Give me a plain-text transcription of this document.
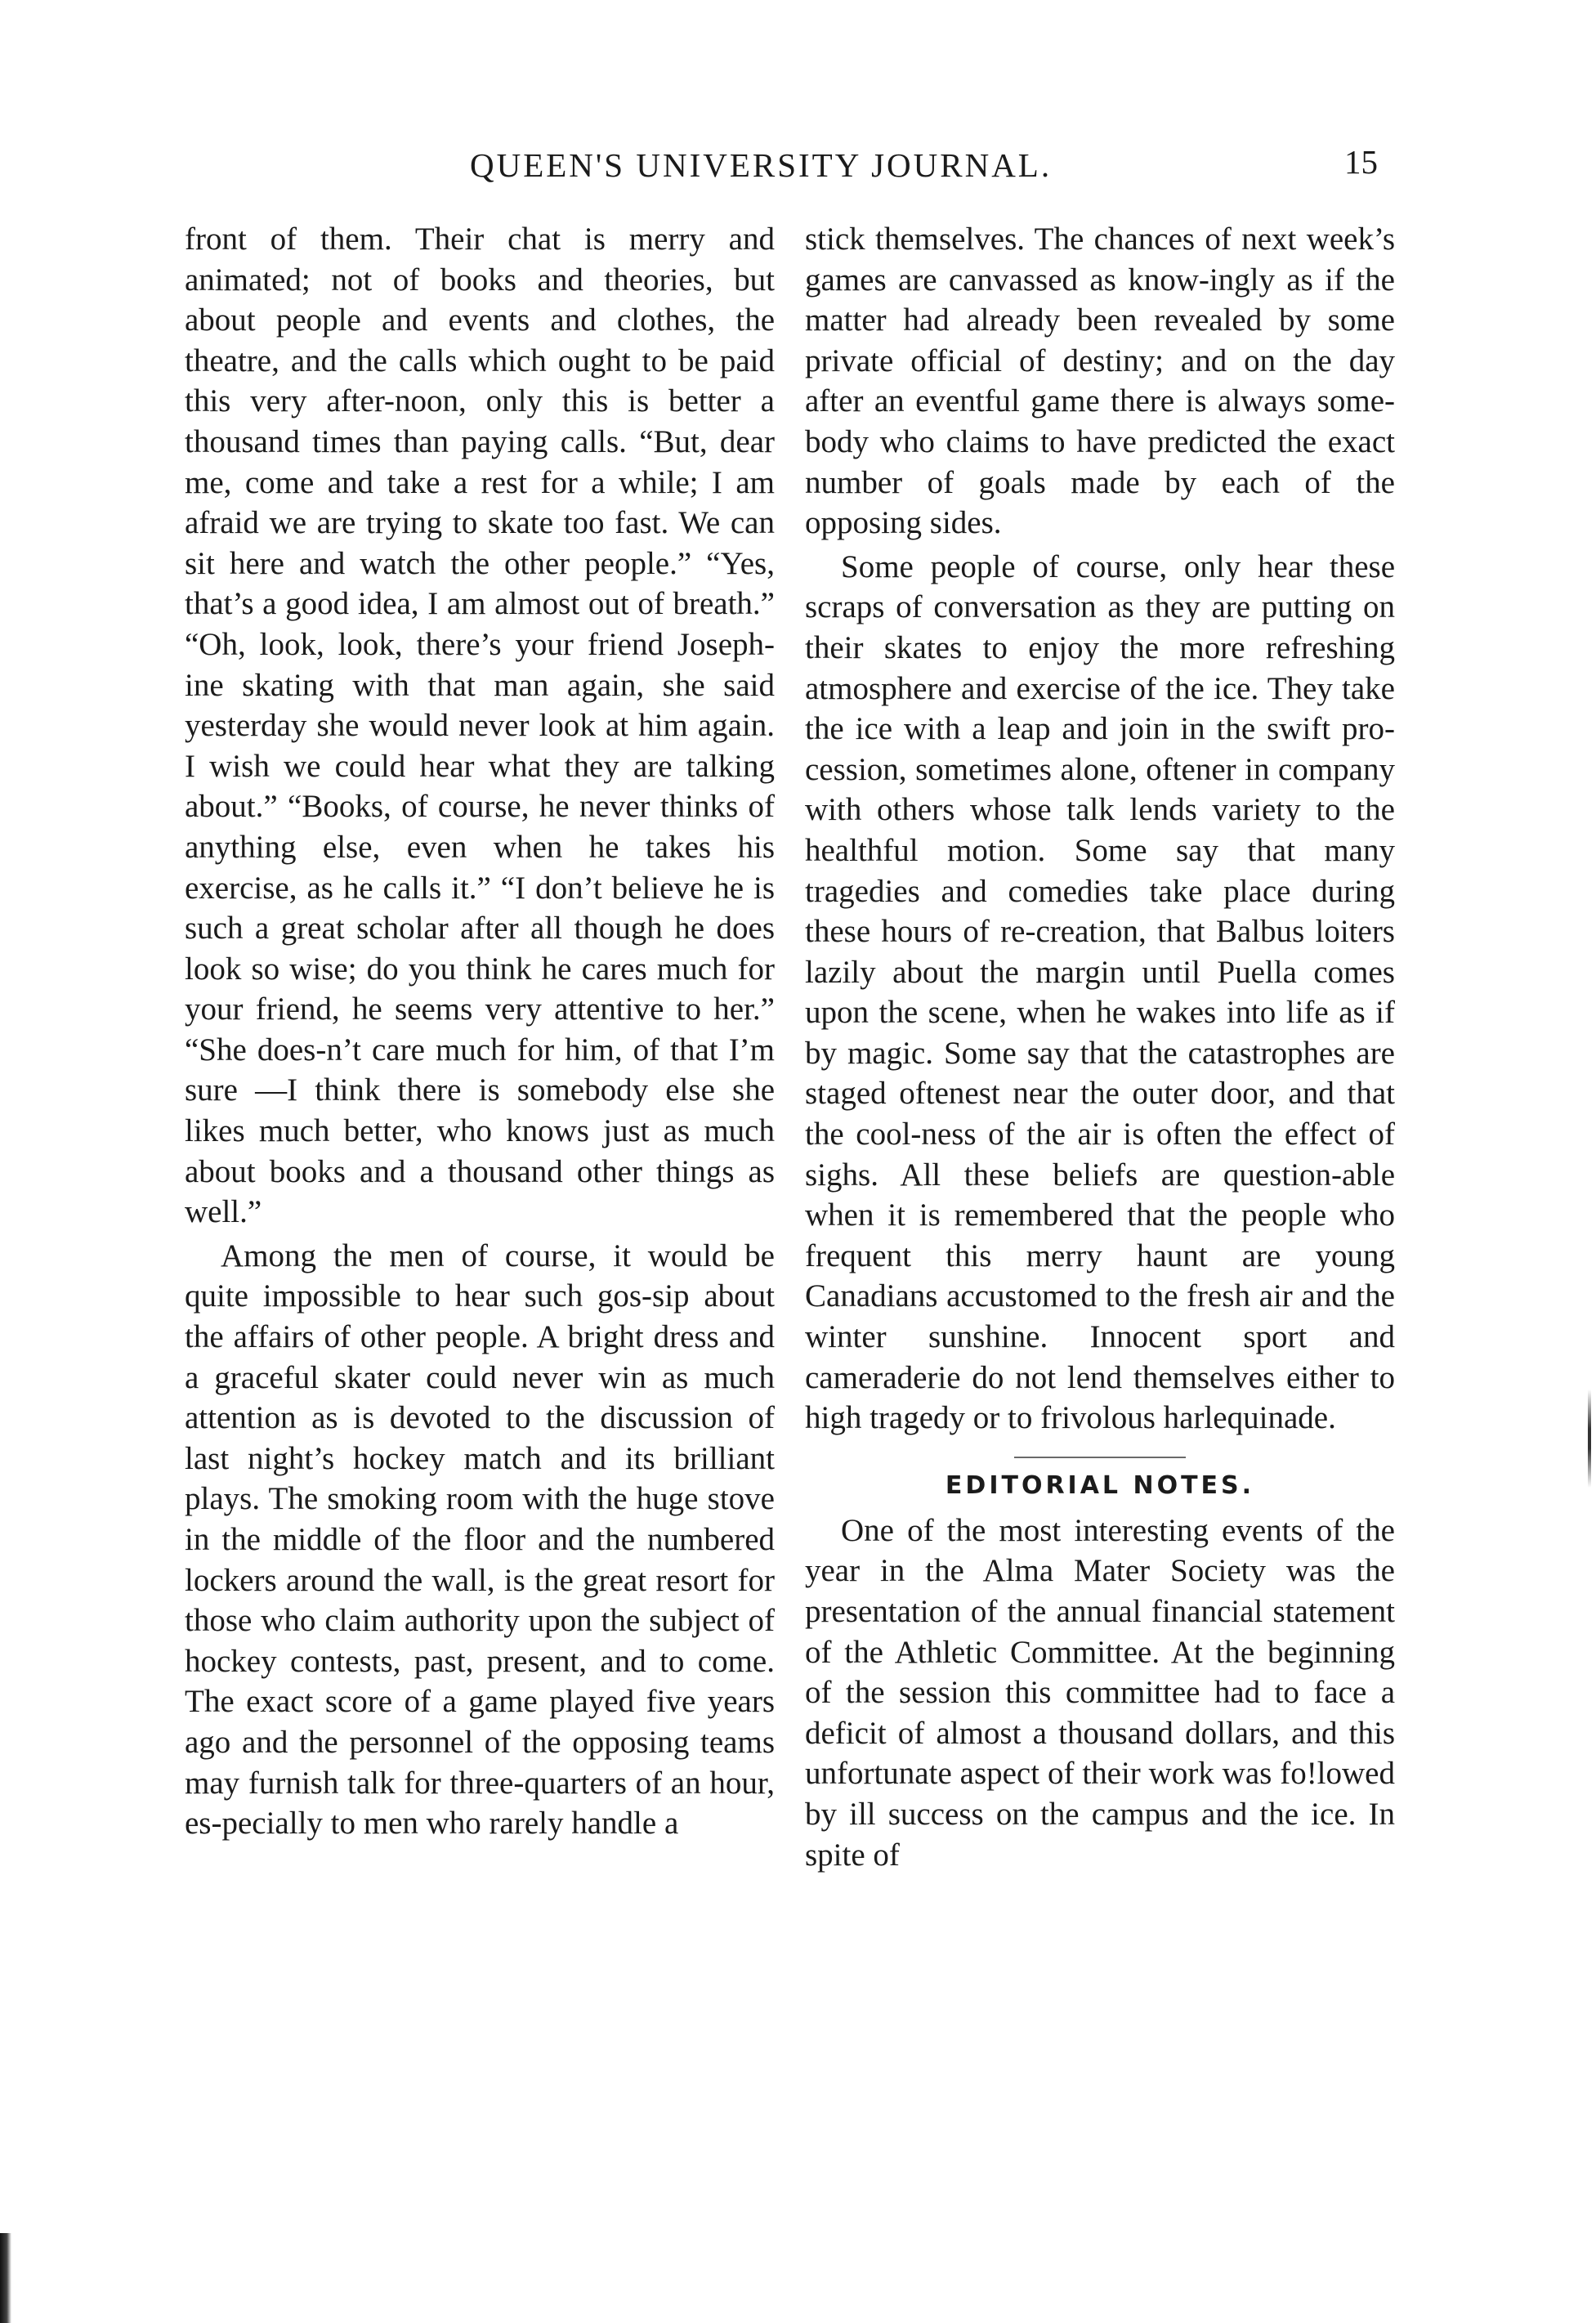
QUEEN'S UNIVERSITY JOURNAL.	15

front of them. Their chat is merry and animated; not of books and theories, but about people and events and clothes, the theatre, and the calls which ought to be paid this very after-noon, only this is better a thousand times than paying calls. “But, dear me, come and take a rest for a while; I am afraid we are trying to skate too fast. We can sit here and watch the other people.” “Yes, that’s a good idea, I am almost out of breath.” “Oh, look, look, there’s your friend Joseph-ine skating with that man again, she said yesterday she would never look at him again. I wish we could hear what they are talking about.” “Books, of course, he never thinks of anything else, even when he takes his exercise, as he calls it.” “I don’t believe he is such a great scholar after all though he does look so wise; do you think he cares much for your friend, he seems very attentive to her.” “She does-n’t care much for him, of that I’m sure —I think there is somebody else she likes much better, who knows just as much about books and a thousand other things as well.”

Among the men of course, it would be quite impossible to hear such gos-sip about the affairs of other people. A bright dress and a graceful skater could never win as much attention as is devoted to the discussion of last night’s hockey match and its brilliant plays. The smoking room with the huge stove in the middle of the floor and the numbered lockers around the wall, is the great resort for those who claim authority upon the subject of hockey contests, past, present, and to come. The exact score of a game played five years ago and the personnel of the opposing teams may furnish talk for three-quarters of an hour, es-pecially to men who rarely handle a

stick themselves. The chances of next week’s games are canvassed as know-ingly as if the matter had already been revealed by some private official of destiny; and on the day after an eventful game there is always some-body who claims to have predicted the exact number of goals made by each of the opposing sides.

Some people of course, only hear these scraps of conversation as they are putting on their skates to enjoy the more refreshing atmosphere and exercise of the ice. They take the ice with a leap and join in the swift pro-cession, sometimes alone, oftener in company with others whose talk lends variety to the healthful motion. Some say that many tragedies and comedies take place during these hours of re-creation, that Balbus loiters lazily about the margin until Puella comes upon the scene, when he wakes into life as if by magic. Some say that the catastrophes are staged oftenest near the outer door, and that the cool-ness of the air is often the effect of sighs. All these beliefs are question-able when it is remembered that the people who frequent this merry haunt are young Canadians accustomed to the fresh air and the winter sunshine. Innocent sport and cameraderie do not lend themselves either to high tragedy or to frivolous harlequinade.

EDITORIAL NOTES.

One of the most interesting events of the year in the Alma Mater Society was the presentation of the annual financial statement of the Athletic Committee. At the beginning of the session this committee had to face a deficit of almost a thousand dollars, and this unfortunate aspect of their work was fo!lowed by ill success on the campus and the ice. In spite of
